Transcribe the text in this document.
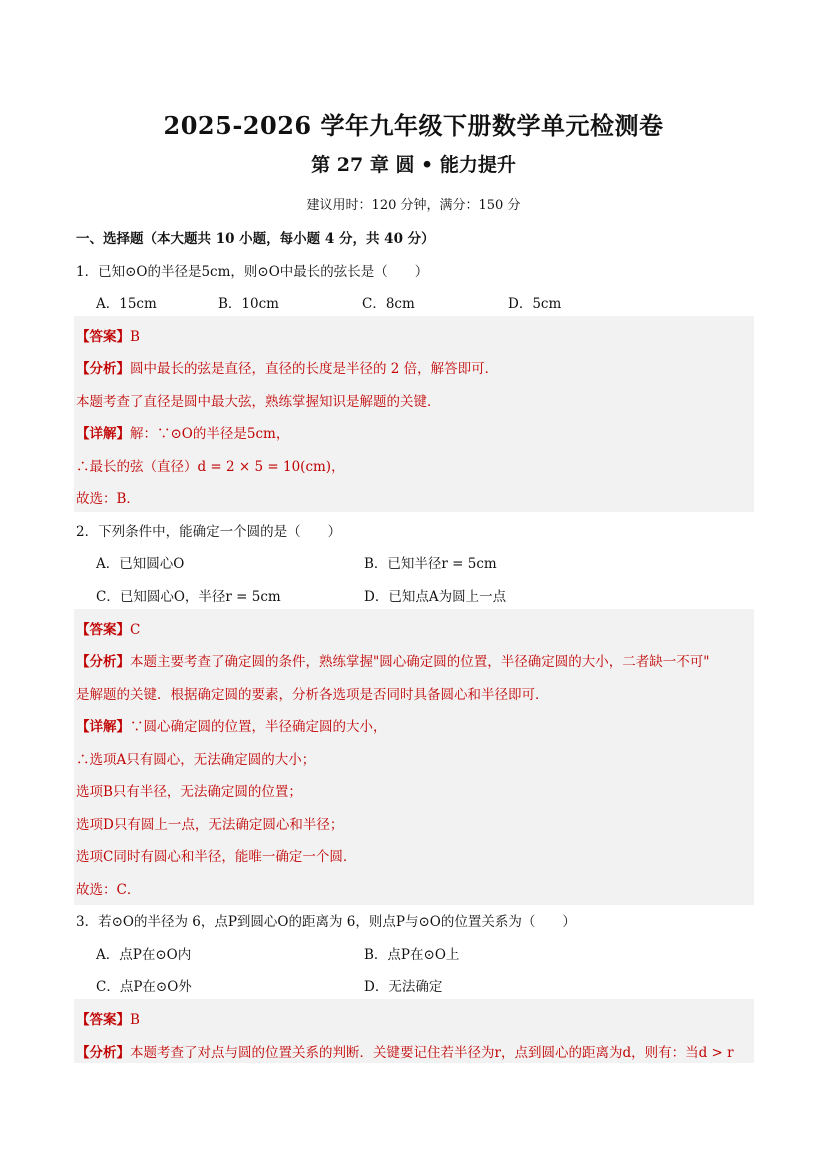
2025-2026 学年九年级下册数学单元检测卷
第 27 章 圆 • 能力提升
建议用时：120 分钟，满分：150 分
一、选择题（本大题共 10 小题，每小题 4 分，共 40 分）
1．已知⊙O的半径是5cm，则⊙O中最长的弦长是（　　）
A．15cm	B．10cm	C．8cm	D．5cm
【答案】B
【分析】圆中最长的弦是直径，直径的长度是半径的 2 倍，解答即可．
本题考查了直径是圆中最大弦，熟练掌握知识是解题的关键．
【详解】解：∵⊙O的半径是5cm，
∴最长的弦（直径）d = 2 × 5 = 10(cm)，
故选：B．
2．下列条件中，能确定一个圆的是（　　）
A．已知圆心O	B．已知半径r = 5cm
C．已知圆心O，半径r = 5cm	D．已知点A为圆上一点
【答案】C
【分析】本题主要考查了确定圆的条件，熟练掌握"圆心确定圆的位置，半径确定圆的大小，二者缺一不可"
是解题的关键．根据确定圆的要素，分析各选项是否同时具备圆心和半径即可．
【详解】∵圆心确定圆的位置，半径确定圆的大小，
∴选项A只有圆心，无法确定圆的大小；
选项B只有半径，无法确定圆的位置；
选项D只有圆上一点，无法确定圆心和半径；
选项C同时有圆心和半径，能唯一确定一个圆．
故选：C．
3．若⊙O的半径为 6，点P到圆心O的距离为 6，则点P与⊙O的位置关系为（　　）
A．点P在⊙O内	B．点P在⊙O上
C．点P在⊙O外	D．无法确定
【答案】B
【分析】本题考查了对点与圆的位置关系的判断．关键要记住若半径为r，点到圆心的距离为d，则有：当d > r
